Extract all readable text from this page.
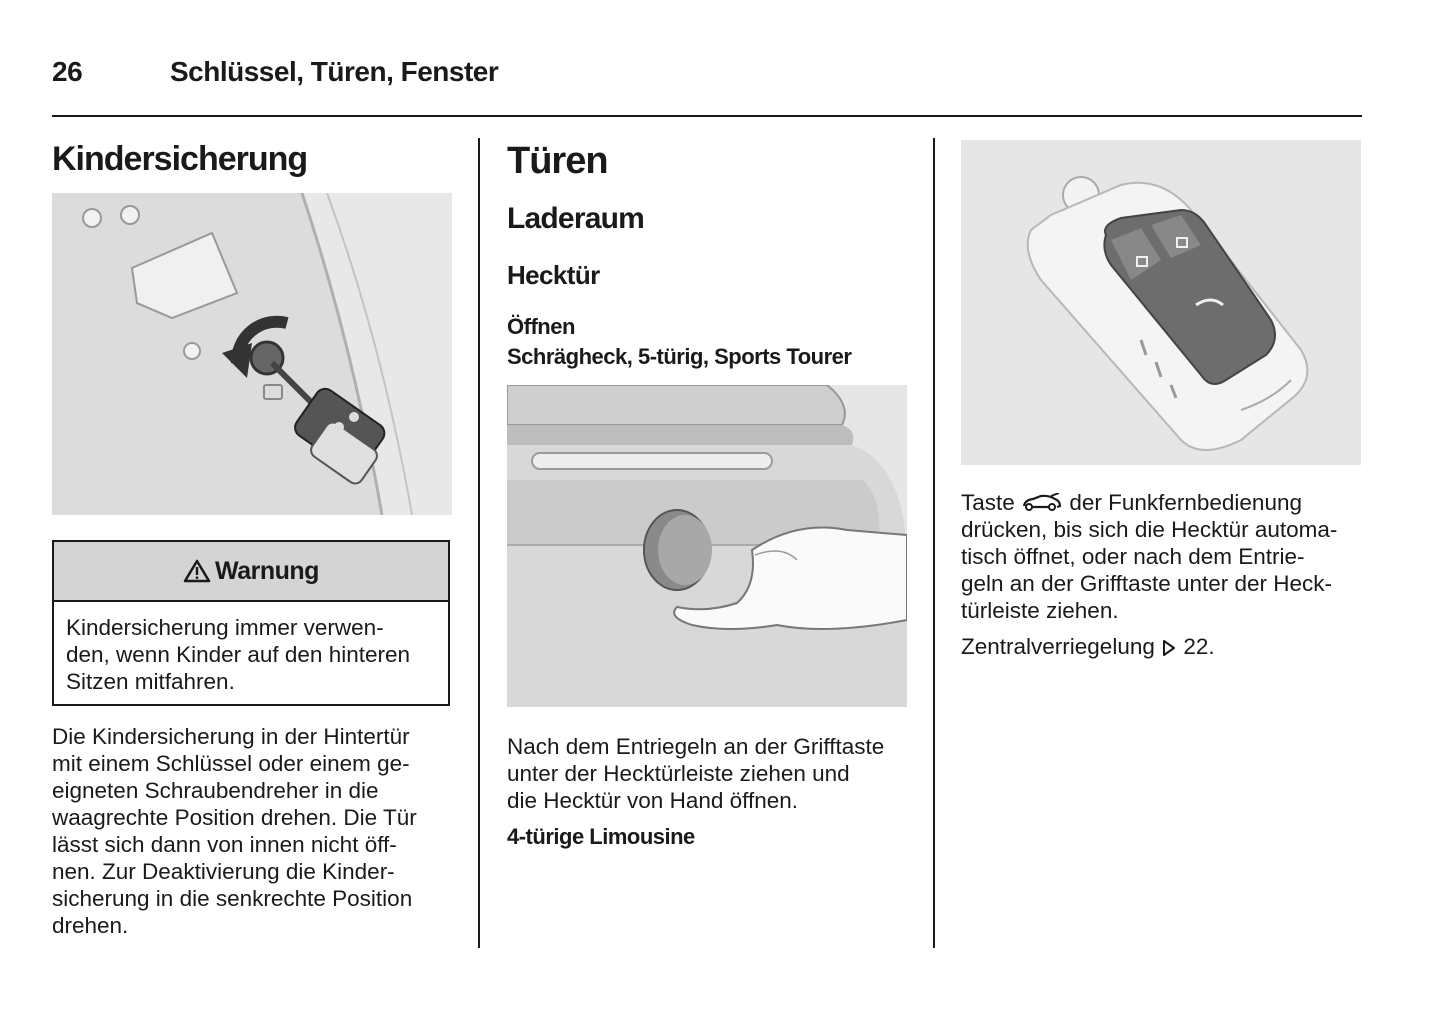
26	Schlüssel, Türen, Fenster

Kindersicherung

Warnung
Kindersicherung immer verwen-
den, wenn Kinder auf den hinteren
Sitzen mitfahren.
Die Kindersicherung in der Hintertür
mit einem Schlüssel oder einem ge-
eigneten Schraubendreher in die
waagrechte Position drehen. Die Tür
lässt sich dann von innen nicht öff-
nen. Zur Deaktivierung die Kinder-
sicherung in die senkrechte Position
drehen.

Türen

Laderaum

Hecktür

Öffnen

Schrägheck, 5-türig, Sports Tourer

Nach dem Entriegeln an der Grifftaste
unter der Hecktürleiste ziehen und
die Hecktür von Hand öffnen.

4-türige Limousine

Taste der Funkfernbedienung
drücken, bis sich die Hecktür automa-
tisch öffnet, oder nach dem Entrie-
geln an der Grifftaste unter der Heck-
türleiste ziehen.
Zentralverriegelung 22.
